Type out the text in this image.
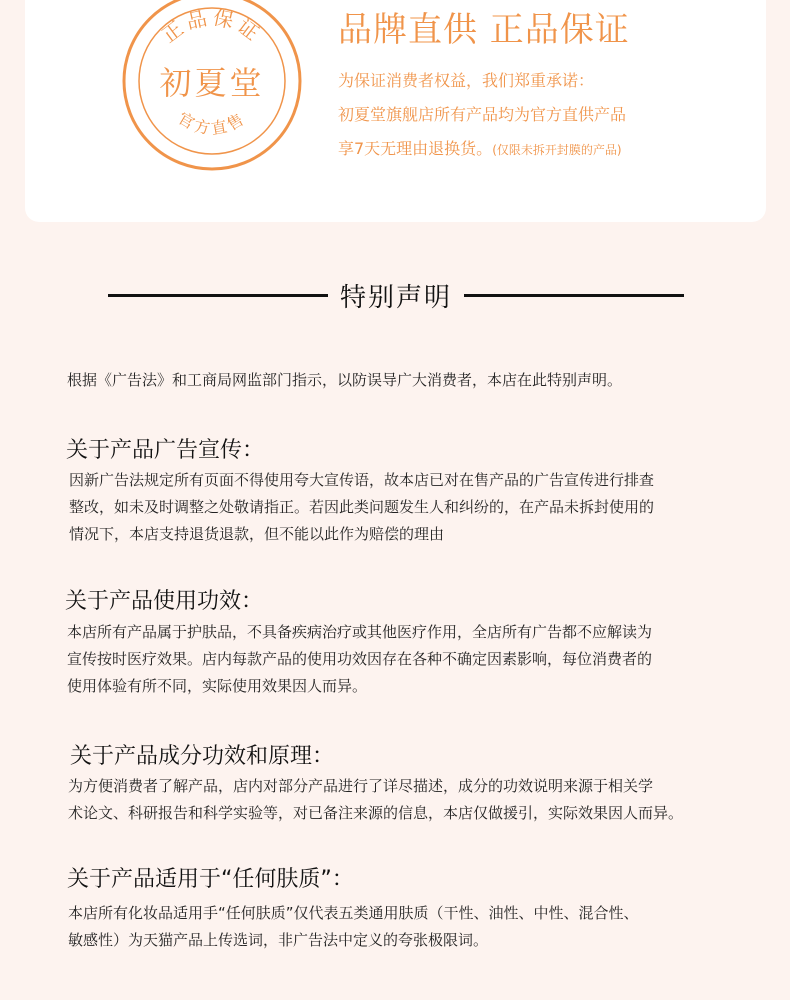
正品保证
初夏堂
官方直售

品牌直供 正品保证

为保证消费者权益，我们郑重承诺：

初夏堂旗舰店所有产品均为官方直供产品

享7天无理由退换货。(仅限未拆开封膜的产品)

特别声明
根据《广告法》和工商局网监部门指示，以防误导广大消费者，本店在此特别声明。
关于产品广告宣传：

因新广告法规定所有页面不得使用夸大宣传语，故本店已对在售产品的广告宣传进行排查

整改，如未及时调整之处敬请指正。若因此类问题发生人和纠纷的，在产品未拆封使用的

情况下，本店支持退货退款，但不能以此作为赔偿的理由

关于产品使用功效：

本店所有产品属于护肤品，不具备疾病治疗或其他医疗作用，全店所有广告都不应解读为

宣传按时医疗效果。店内每款产品的使用功效因存在各种不确定因素影响，每位消费者的

使用体验有所不同，实际使用效果因人而异。

关于产品成分功效和原理：

为方便消费者了解产品，店内对部分产品进行了详尽描述，成分的功效说明来源于相关学

术论文、科研报告和科学实验等，对已备注来源的信息，本店仅做援引，实际效果因人而异。

关于产品适用于“任何肤质”：

本店所有化妆品适用手“任何肤质”仅代表五类通用肤质（干性、油性、中性、混合性、

敏感性）为天猫产品上传选词，非广告法中定义的夸张极限词。
